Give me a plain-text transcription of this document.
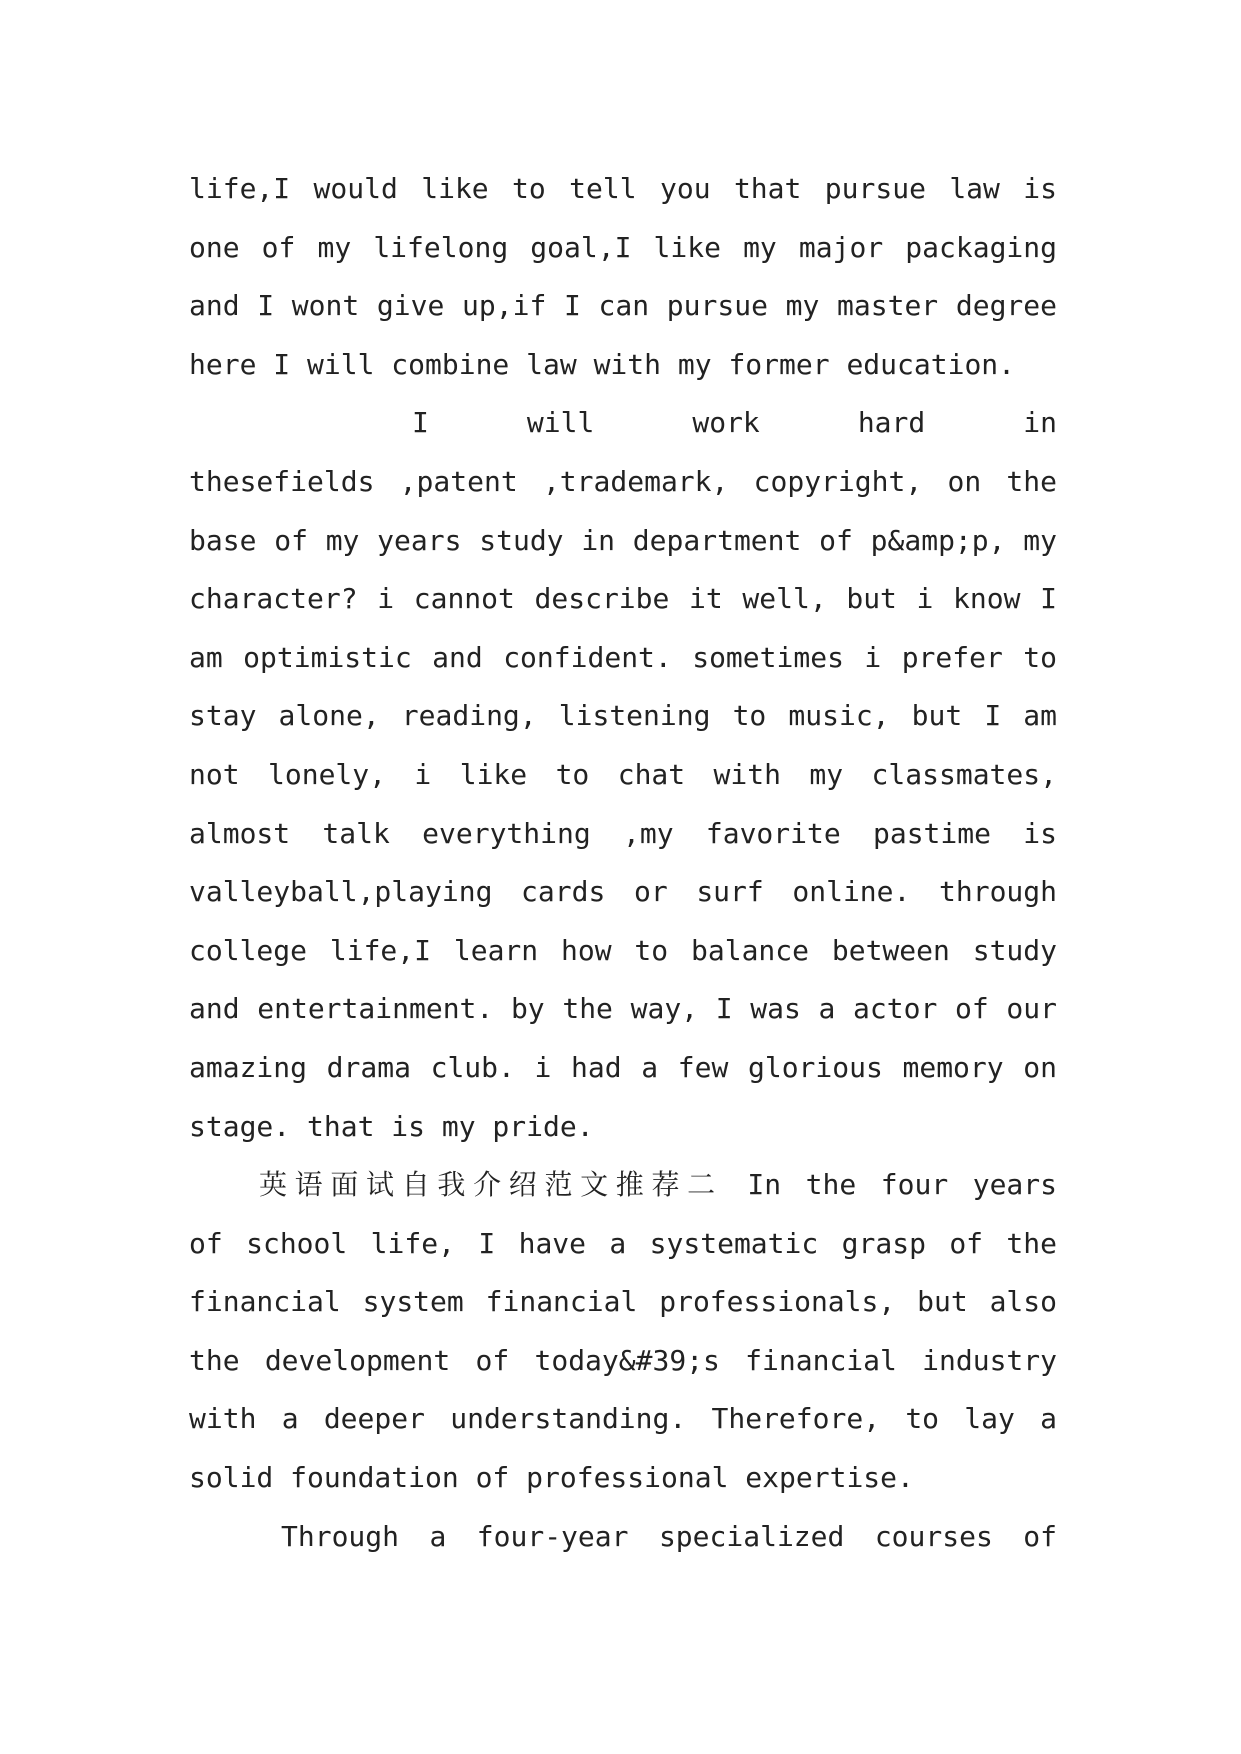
life,I would like to tell you that pursue law is
one of my lifelong goal,I like my major packaging
and I wont give up,if I can pursue my master degree
here I will combine law with my former education.
I will work hard in
thesefields ,patent ,trademark, copyright, on the
base of my years study in department of p&amp;p, my
character? i cannot describe it well, but i know I
am optimistic and confident. sometimes i prefer to
stay alone, reading, listening to music, but I am
not lonely, i like to chat with my classmates,
almost talk everything ,my favorite pastime is
valleyball,playing cards or surf online. through
college life,I learn how to balance between study
and entertainment. by the way, I was a actor of our
amazing drama club. i had a few glorious memory on
stage. that is my pride.
英语面试自我介绍范文推荐二 In the four years
of school life, I have a systematic grasp of the
financial system financial professionals, but also
the development of today&#39;s financial industry
with a deeper understanding. Therefore, to lay a
solid foundation of professional expertise.
Through a four-year specialized courses of
